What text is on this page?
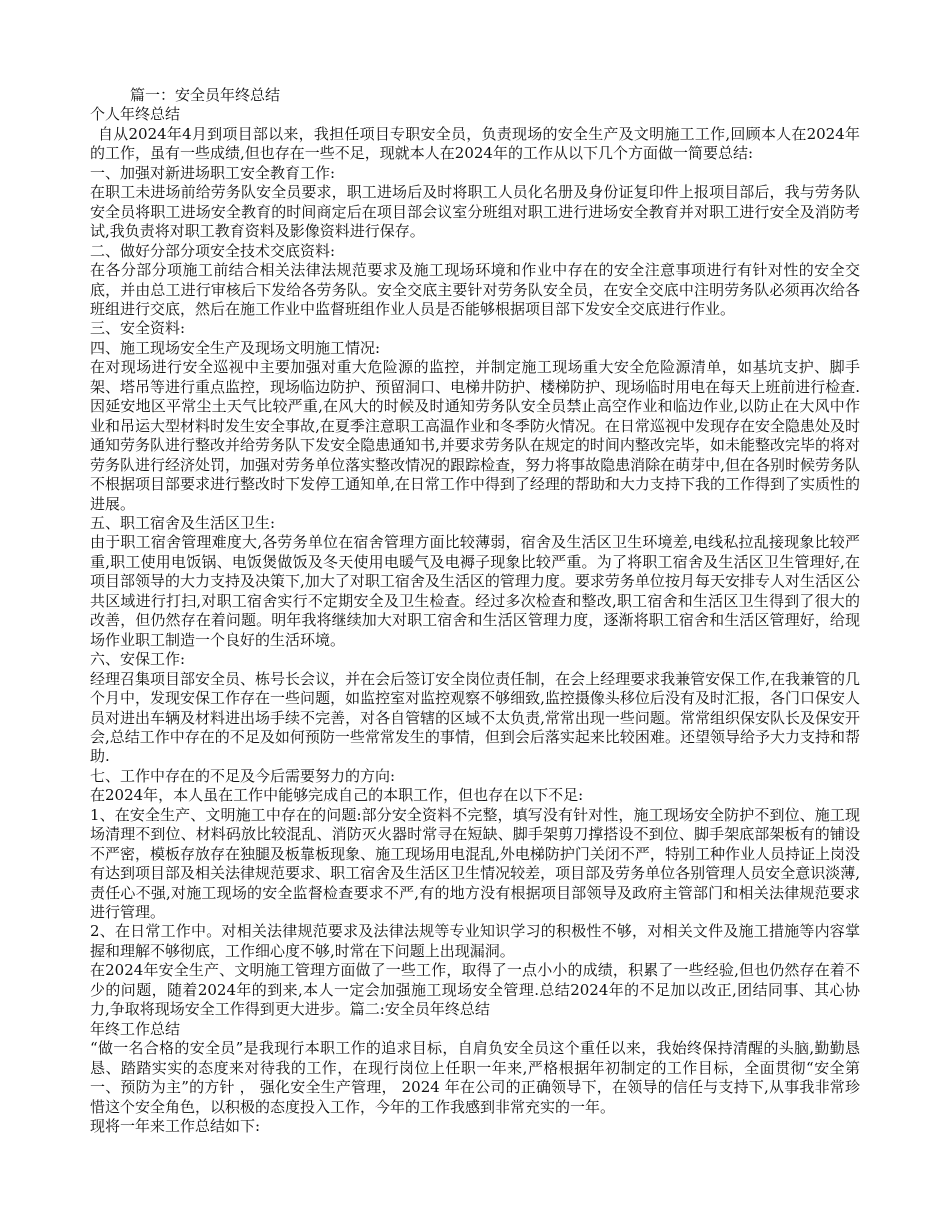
篇一：安全员年终总结
个人年终总结

自从2024年4月到项目部以来，我担任项目专职安全员，负责现场的安全生产及文明施工工作,回顾本人在2024年的工作，虽有一些成绩,但也存在一些不足，现就本人在2024年的工作从以下几个方面做一简要总结:

一、加强对新进场职工安全教育工作:

在职工未进场前给劳务队安全员要求，职工进场后及时将职工人员化名册及身份证复印件上报项目部后，我与劳务队安全员将职工进场安全教育的时间商定后在项目部会议室分班组对职工进行进场安全教育并对职工进行安全及消防考试,我负责将对职工教育资料及影像资料进行保存。

二、做好分部分项安全技术交底资料:

在各分部分项施工前结合相关法律法规范要求及施工现场环境和作业中存在的安全注意事项进行有针对性的安全交底，并由总工进行审核后下发给各劳务队。安全交底主要针对劳务队安全员，在安全交底中注明劳务队必须再次给各班组进行交底，然后在施工作业中监督班组作业人员是否能够根据项目部下发安全交底进行作业。

三、安全资料:
四、施工现场安全生产及现场文明施工情况:

在对现场进行安全巡视中主要加强对重大危险源的监控，并制定施工现场重大安全危险源清单，如基坑支护、脚手架、塔吊等进行重点监控，现场临边防护、预留洞口、电梯井防护、楼梯防护、现场临时用电在每天上班前进行检查.因延安地区平常尘土天气比较严重,在风大的时候及时通知劳务队安全员禁止高空作业和临边作业,以防止在大风中作业和吊运大型材料时发生安全事故,在夏季注意职工高温作业和冬季防火情况。在日常巡视中发现存在安全隐患处及时通知劳务队进行整改并给劳务队下发安全隐患通知书,并要求劳务队在规定的时间内整改完毕，如未能整改完毕的将对劳务队进行经济处罚，加强对劳务单位落实整改情况的跟踪检查，努力将事故隐患消除在萌芽中,但在各别时候劳务队不根据项目部要求进行整改时下发停工通知单,在日常工作中得到了经理的帮助和大力支持下我的工作得到了实质性的进展。

五、职工宿舍及生活区卫生:

由于职工宿舍管理难度大,各劳务单位在宿舍管理方面比较薄弱，宿舍及生活区卫生环境差,电线私拉乱接现象比较严重,职工使用电饭锅、电饭煲做饭及冬天使用电暖气及电褥子现象比较严重。为了将职工宿舍及生活区卫生管理好,在项目部领导的大力支持及决策下,加大了对职工宿舍及生活区的管理力度。要求劳务单位按月每天安排专人对生活区公共区域进行打扫,对职工宿舍实行不定期安全及卫生检查。经过多次检查和整改,职工宿舍和生活区卫生得到了很大的改善，但仍然存在着问题。明年我将继续加大对职工宿舍和生活区管理力度，逐渐将职工宿舍和生活区管理好，给现场作业职工制造一个良好的生活环境。

六、安保工作:

经理召集项目部安全员、栋号长会议，并在会后签订安全岗位责任制，在会上经理要求我兼管安保工作,在我兼管的几个月中，发现安保工作存在一些问题，如监控室对监控观察不够细致,监控摄像头移位后没有及时汇报，各门口保安人员对进出车辆及材料进出场手续不完善，对各自管辖的区域不太负责,常常出现一些问题。常常组织保安队长及保安开会,总结工作中存在的不足及如何预防一些常常发生的事情，但到会后落实起来比较困难。还望领导给予大力支持和帮助.

七、工作中存在的不足及今后需要努力的方向:

在2024年，本人虽在工作中能够完成自己的本职工作，但也存在以下不足:

1、在安全生产、文明施工中存在的问题:部分安全资料不完整，填写没有针对性，施工现场安全防护不到位、施工现场清理不到位、材料码放比较混乱、消防灭火器时常寻在短缺、脚手架剪刀撑搭设不到位、脚手架底部架板有的铺设不严密，模板存放存在独腿及板靠板现象、施工现场用电混乱,外电梯防护门关闭不严，特别工种作业人员持证上岗没有达到项目部及相关法律规范要求、职工宿舍及生活区卫生情况较差，项目部及劳务单位各别管理人员安全意识淡薄,责任心不强,对施工现场的安全监督检查要求不严,有的地方没有根据项目部领导及政府主管部门和相关法律规范要求进行管理。

2、在日常工作中。对相关法律规范要求及法律法规等专业知识学习的积极性不够，对相关文件及施工措施等内容掌握和理解不够彻底，工作细心度不够,时常在下问题上出现漏洞。

在2024年安全生产、文明施工管理方面做了一些工作，取得了一点小小的成绩，积累了一些经验,但也仍然存在着不少的问题，随着2024年的到来,本人一定会加强施工现场安全管理.总结2024年的不足加以改正,团结同事、其心协力,争取将现场安全工作得到更大进步。篇二:安全员年终总结

年终工作总结

“做一名合格的安全员”是我现行本职工作的追求目标，自肩负安全员这个重任以来，我始终保持清醒的头脑,勤勤恳恳、踏踏实实的态度来对待我的工作，在现行岗位上任职一年来,严格根据年初制定的工作目标，全面贯彻“安全第一、预防为主”的方针 ， 强化安全生产管理， 2024 年在公司的正确领导下，在领导的信任与支持下,从事我非常珍惜这个安全角色，以积极的态度投入工作，今年的工作我感到非常充实的一年。

现将一年来工作总结如下:
